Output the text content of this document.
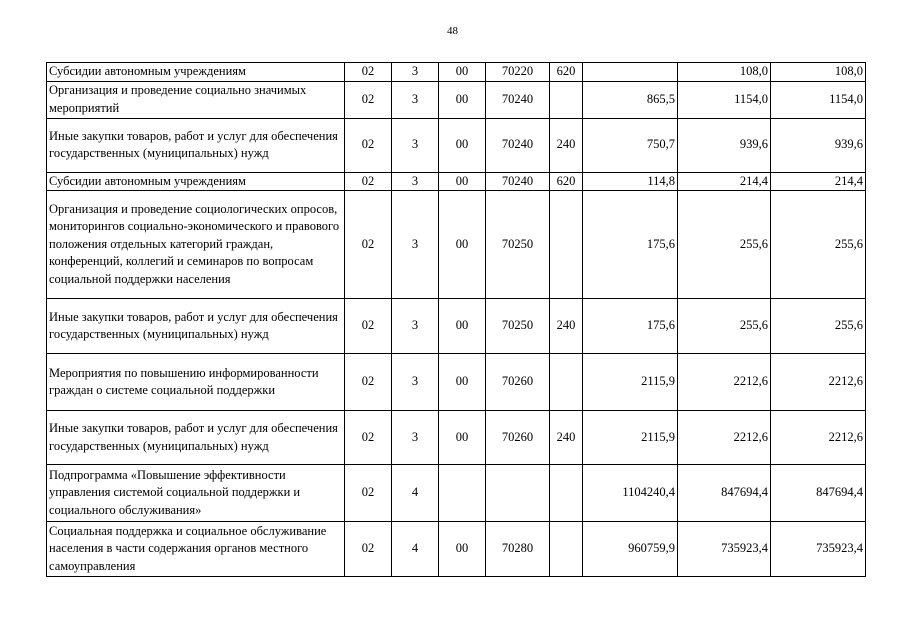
48
Субсидии автономным учреждениям	02	3	00	70220	620		108,0	108,0
Организация и проведение социально значимых мероприятий	02	3	00	70240		865,5	1154,0	1154,0
Иные закупки товаров, работ и услуг для обеспечения государственных (муниципальных) нужд	02	3	00	70240	240	750,7	939,6	939,6
Субсидии автономным учреждениям	02	3	00	70240	620	114,8	214,4	214,4
Организация и проведение социологических опросов, мониторингов социально-экономического и правового положения отдельных категорий граждан, конференций, коллегий и семинаров по вопросам социальной поддержки населения	02	3	00	70250		175,6	255,6	255,6
Иные закупки товаров, работ и услуг для обеспечения государственных (муниципальных) нужд	02	3	00	70250	240	175,6	255,6	255,6
Мероприятия по повышению информированности граждан о системе социальной поддержки	02	3	00	70260		2115,9	2212,6	2212,6
Иные закупки товаров, работ и услуг для обеспечения государственных (муниципальных) нужд	02	3	00	70260	240	2115,9	2212,6	2212,6
Подпрограмма «Повышение эффективности управления системой социальной поддержки и социального обслуживания»	02	4				1104240,4	847694,4	847694,4
Социальная поддержка и социальное обслуживание населения в части содержания органов местного самоуправления	02	4	00	70280		960759,9	735923,4	735923,4
